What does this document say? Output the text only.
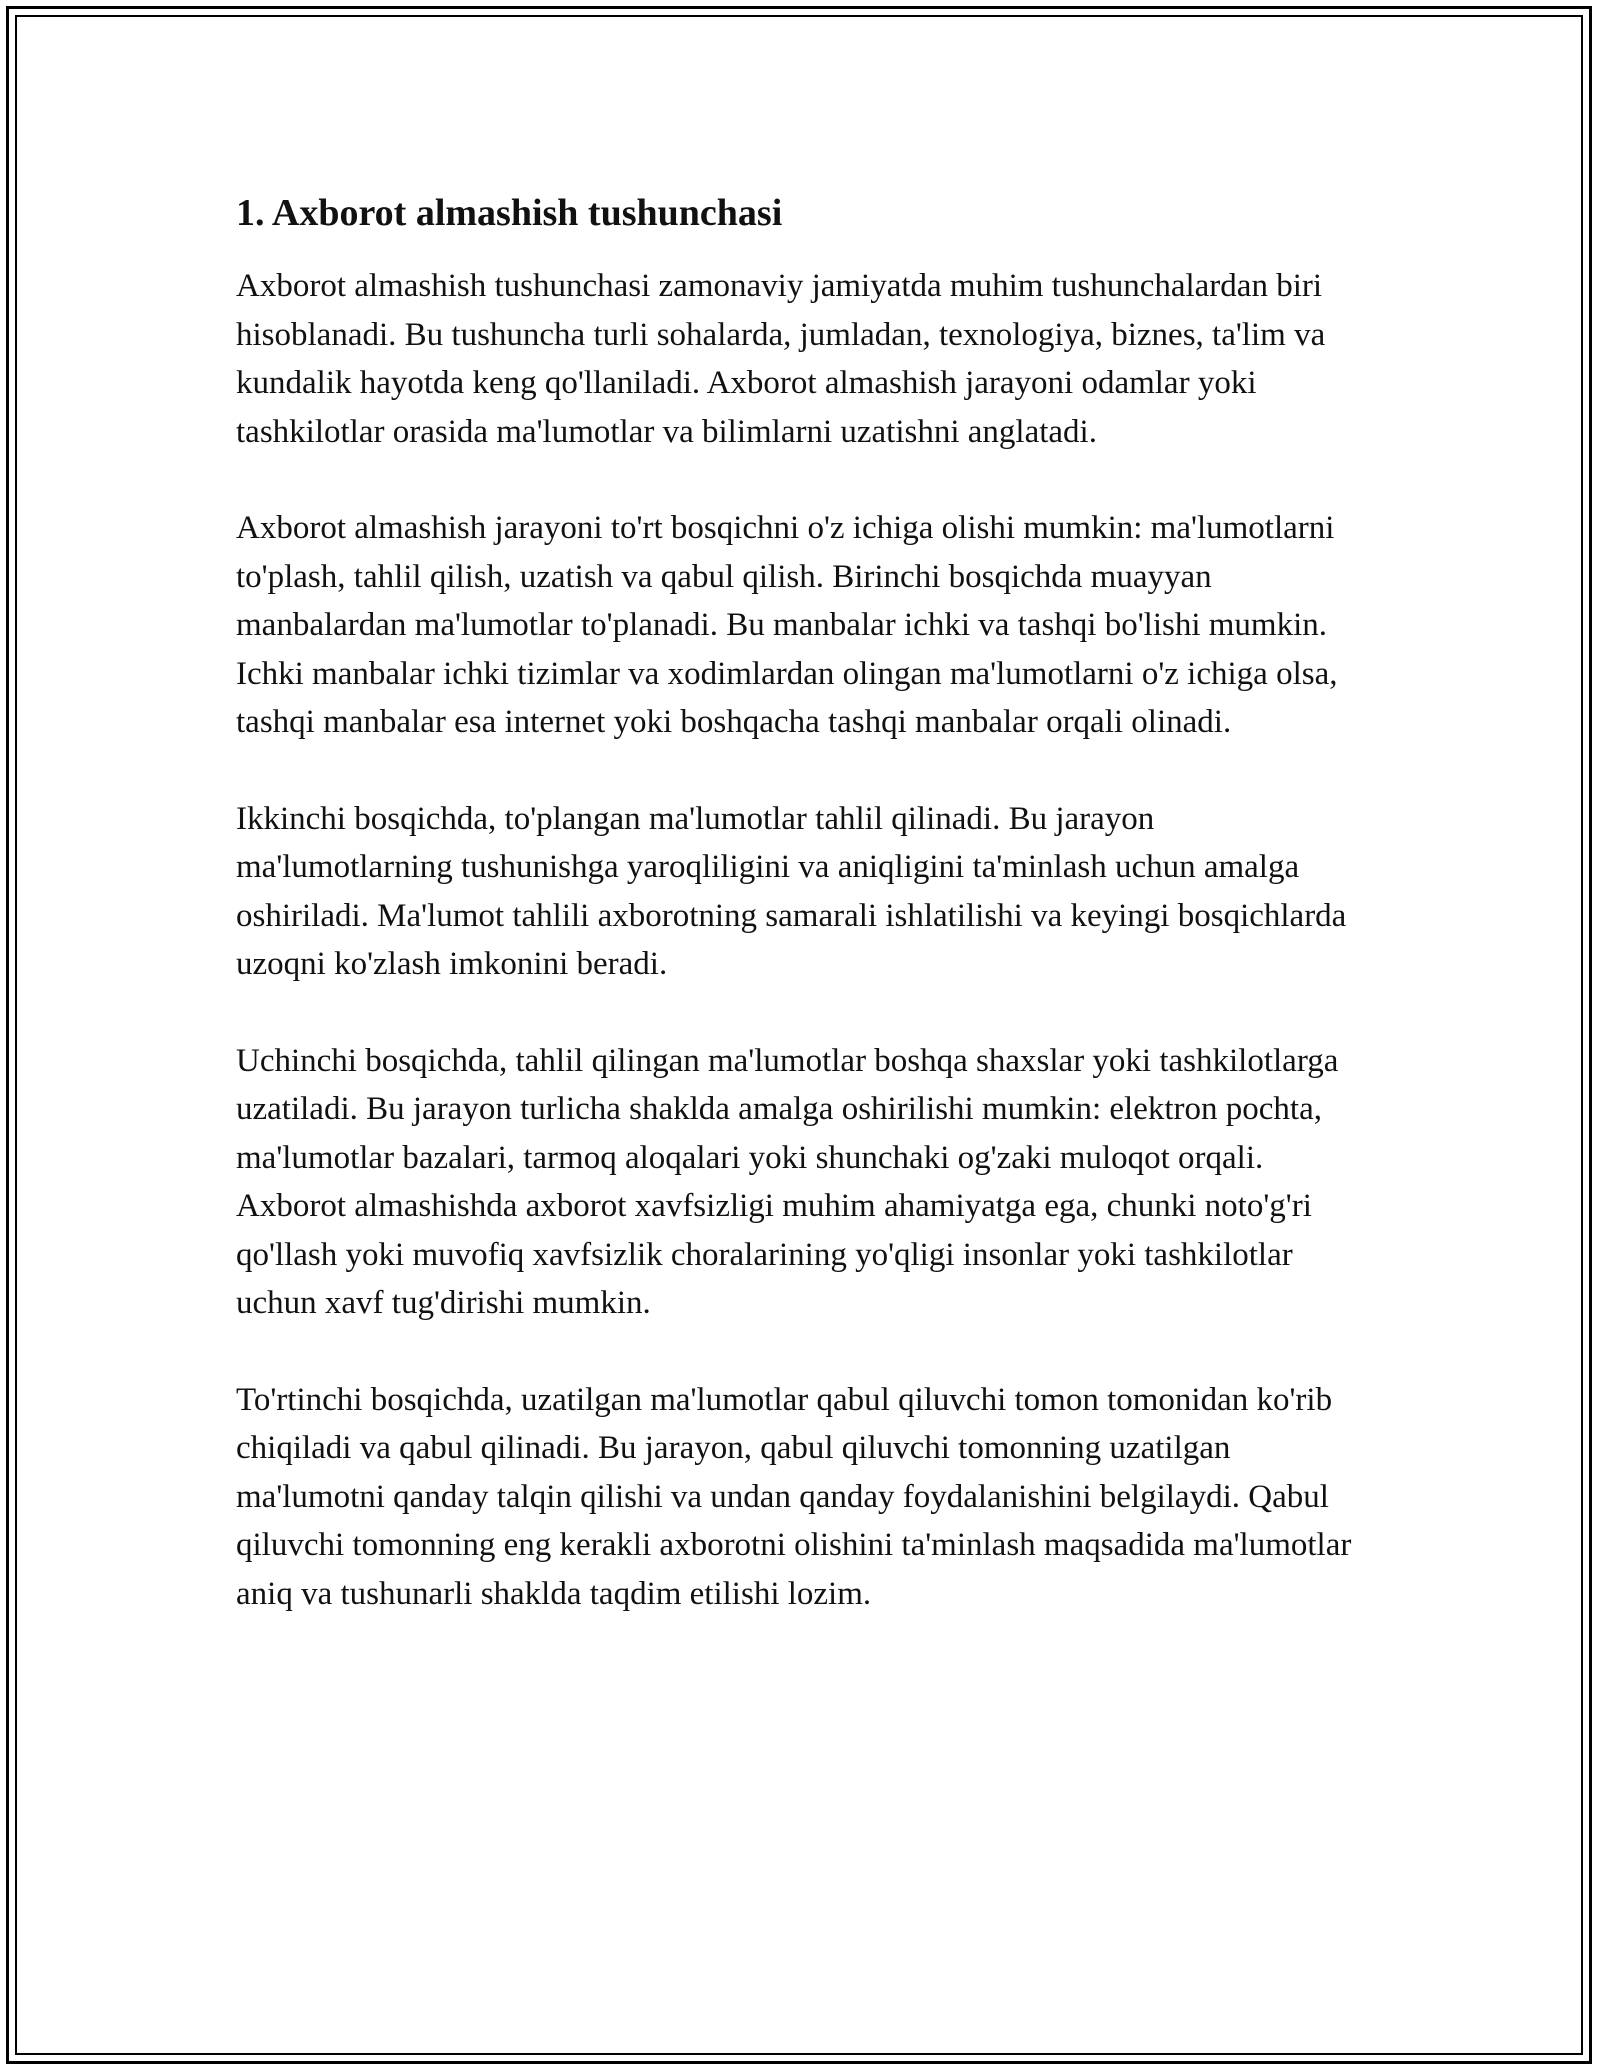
1. Axborot almashish tushunchasi

Axborot almashish tushunchasi zamonaviy jamiyatda muhim tushunchalardan biri hisoblanadi. Bu tushuncha turli sohalarda, jumladan, texnologiya, biznes, ta'lim va kundalik hayotda keng qo'llaniladi. Axborot almashish jarayoni odamlar yoki tashkilotlar orasida ma'lumotlar va bilimlarni uzatishni anglatadi.

Axborot almashish jarayoni to'rt bosqichni o'z ichiga olishi mumkin: ma'lumotlarni to'plash, tahlil qilish, uzatish va qabul qilish. Birinchi bosqichda muayyan manbalardan ma'lumotlar to'planadi. Bu manbalar ichki va tashqi bo'lishi mumkin. Ichki manbalar ichki tizimlar va xodimlardan olingan ma'lumotlarni o'z ichiga olsa, tashqi manbalar esa internet yoki boshqacha tashqi manbalar orqali olinadi.

Ikkinchi bosqichda, to'plangan ma'lumotlar tahlil qilinadi. Bu jarayon ma'lumotlarning tushunishga yaroqliligini va aniqligini ta'minlash uchun amalga oshiriladi. Ma'lumot tahlili axborotning samarali ishlatilishi va keyingi bosqichlarda uzoqni ko'zlash imkonini beradi.

Uchinchi bosqichda, tahlil qilingan ma'lumotlar boshqa shaxslar yoki tashkilotlarga uzatiladi. Bu jarayon turlicha shaklda amalga oshirilishi mumkin: elektron pochta, ma'lumotlar bazalari, tarmoq aloqalari yoki shunchaki og'zaki muloqot orqali. Axborot almashishda axborot xavfsizligi muhim ahamiyatga ega, chunki noto'g'ri qo'llash yoki muvofiq xavfsizlik choralarining yo'qligi insonlar yoki tashkilotlar uchun xavf tug'dirishi mumkin.

To'rtinchi bosqichda, uzatilgan ma'lumotlar qabul qiluvchi tomon tomonidan ko'rib chiqiladi va qabul qilinadi. Bu jarayon, qabul qiluvchi tomonning uzatilgan ma'lumotni qanday talqin qilishi va undan qanday foydalanishini belgilaydi. Qabul qiluvchi tomonning eng kerakli axborotni olishini ta'minlash maqsadida ma'lumotlar aniq va tushunarli shaklda taqdim etilishi lozim.
